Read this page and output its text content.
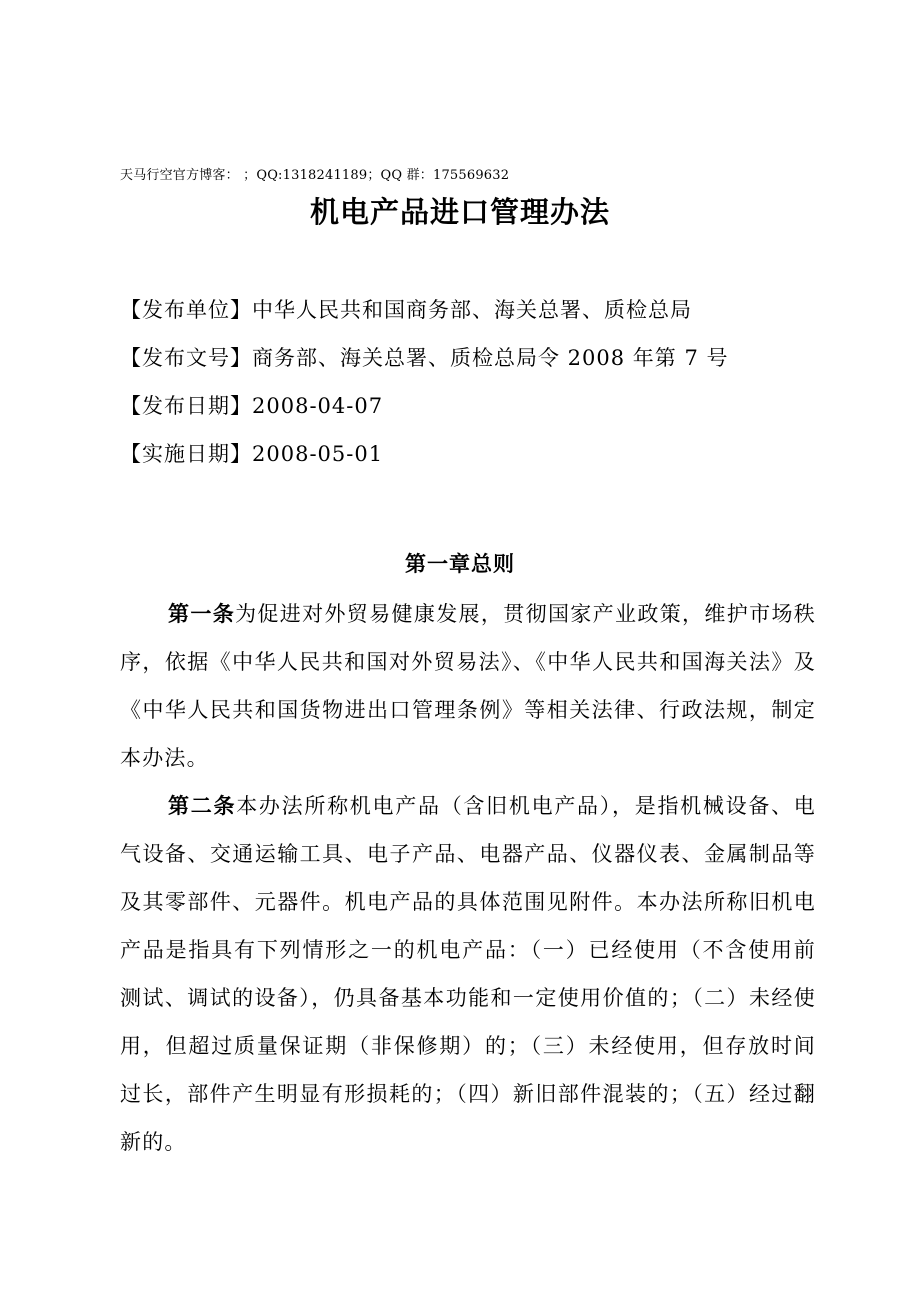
天马行空官方博客： ；QQ:1318241189；QQ 群：175569632
机电产品进口管理办法
【发布单位】中华人民共和国商务部、海关总署、质检总局
【发布文号】商务部、海关总署、质检总局令 2008 年第 7 号
【发布日期】2008-04-07
【实施日期】2008-05-01
第一章总则

第一条为促进对外贸易健康发展，贯彻国家产业政策，维护市场秩序，依据《中华人民共和国对外贸易法》、《中华人民共和国海关法》及《中华人民共和国货物进出口管理条例》等相关法律、行政法规，制定本办法。

第二条本办法所称机电产品（含旧机电产品），是指机械设备、电气设备、交通运输工具、电子产品、电器产品、仪器仪表、金属制品等及其零部件、元器件。机电产品的具体范围见附件。本办法所称旧机电产品是指具有下列情形之一的机电产品：（一）已经使用（不含使用前测试、调试的设备），仍具备基本功能和一定使用价值的；（二）未经使用，但超过质量保证期（非保修期）的；（三）未经使用，但存放时间过长，部件产生明显有形损耗的；（四）新旧部件混装的；（五）经过翻新的。
